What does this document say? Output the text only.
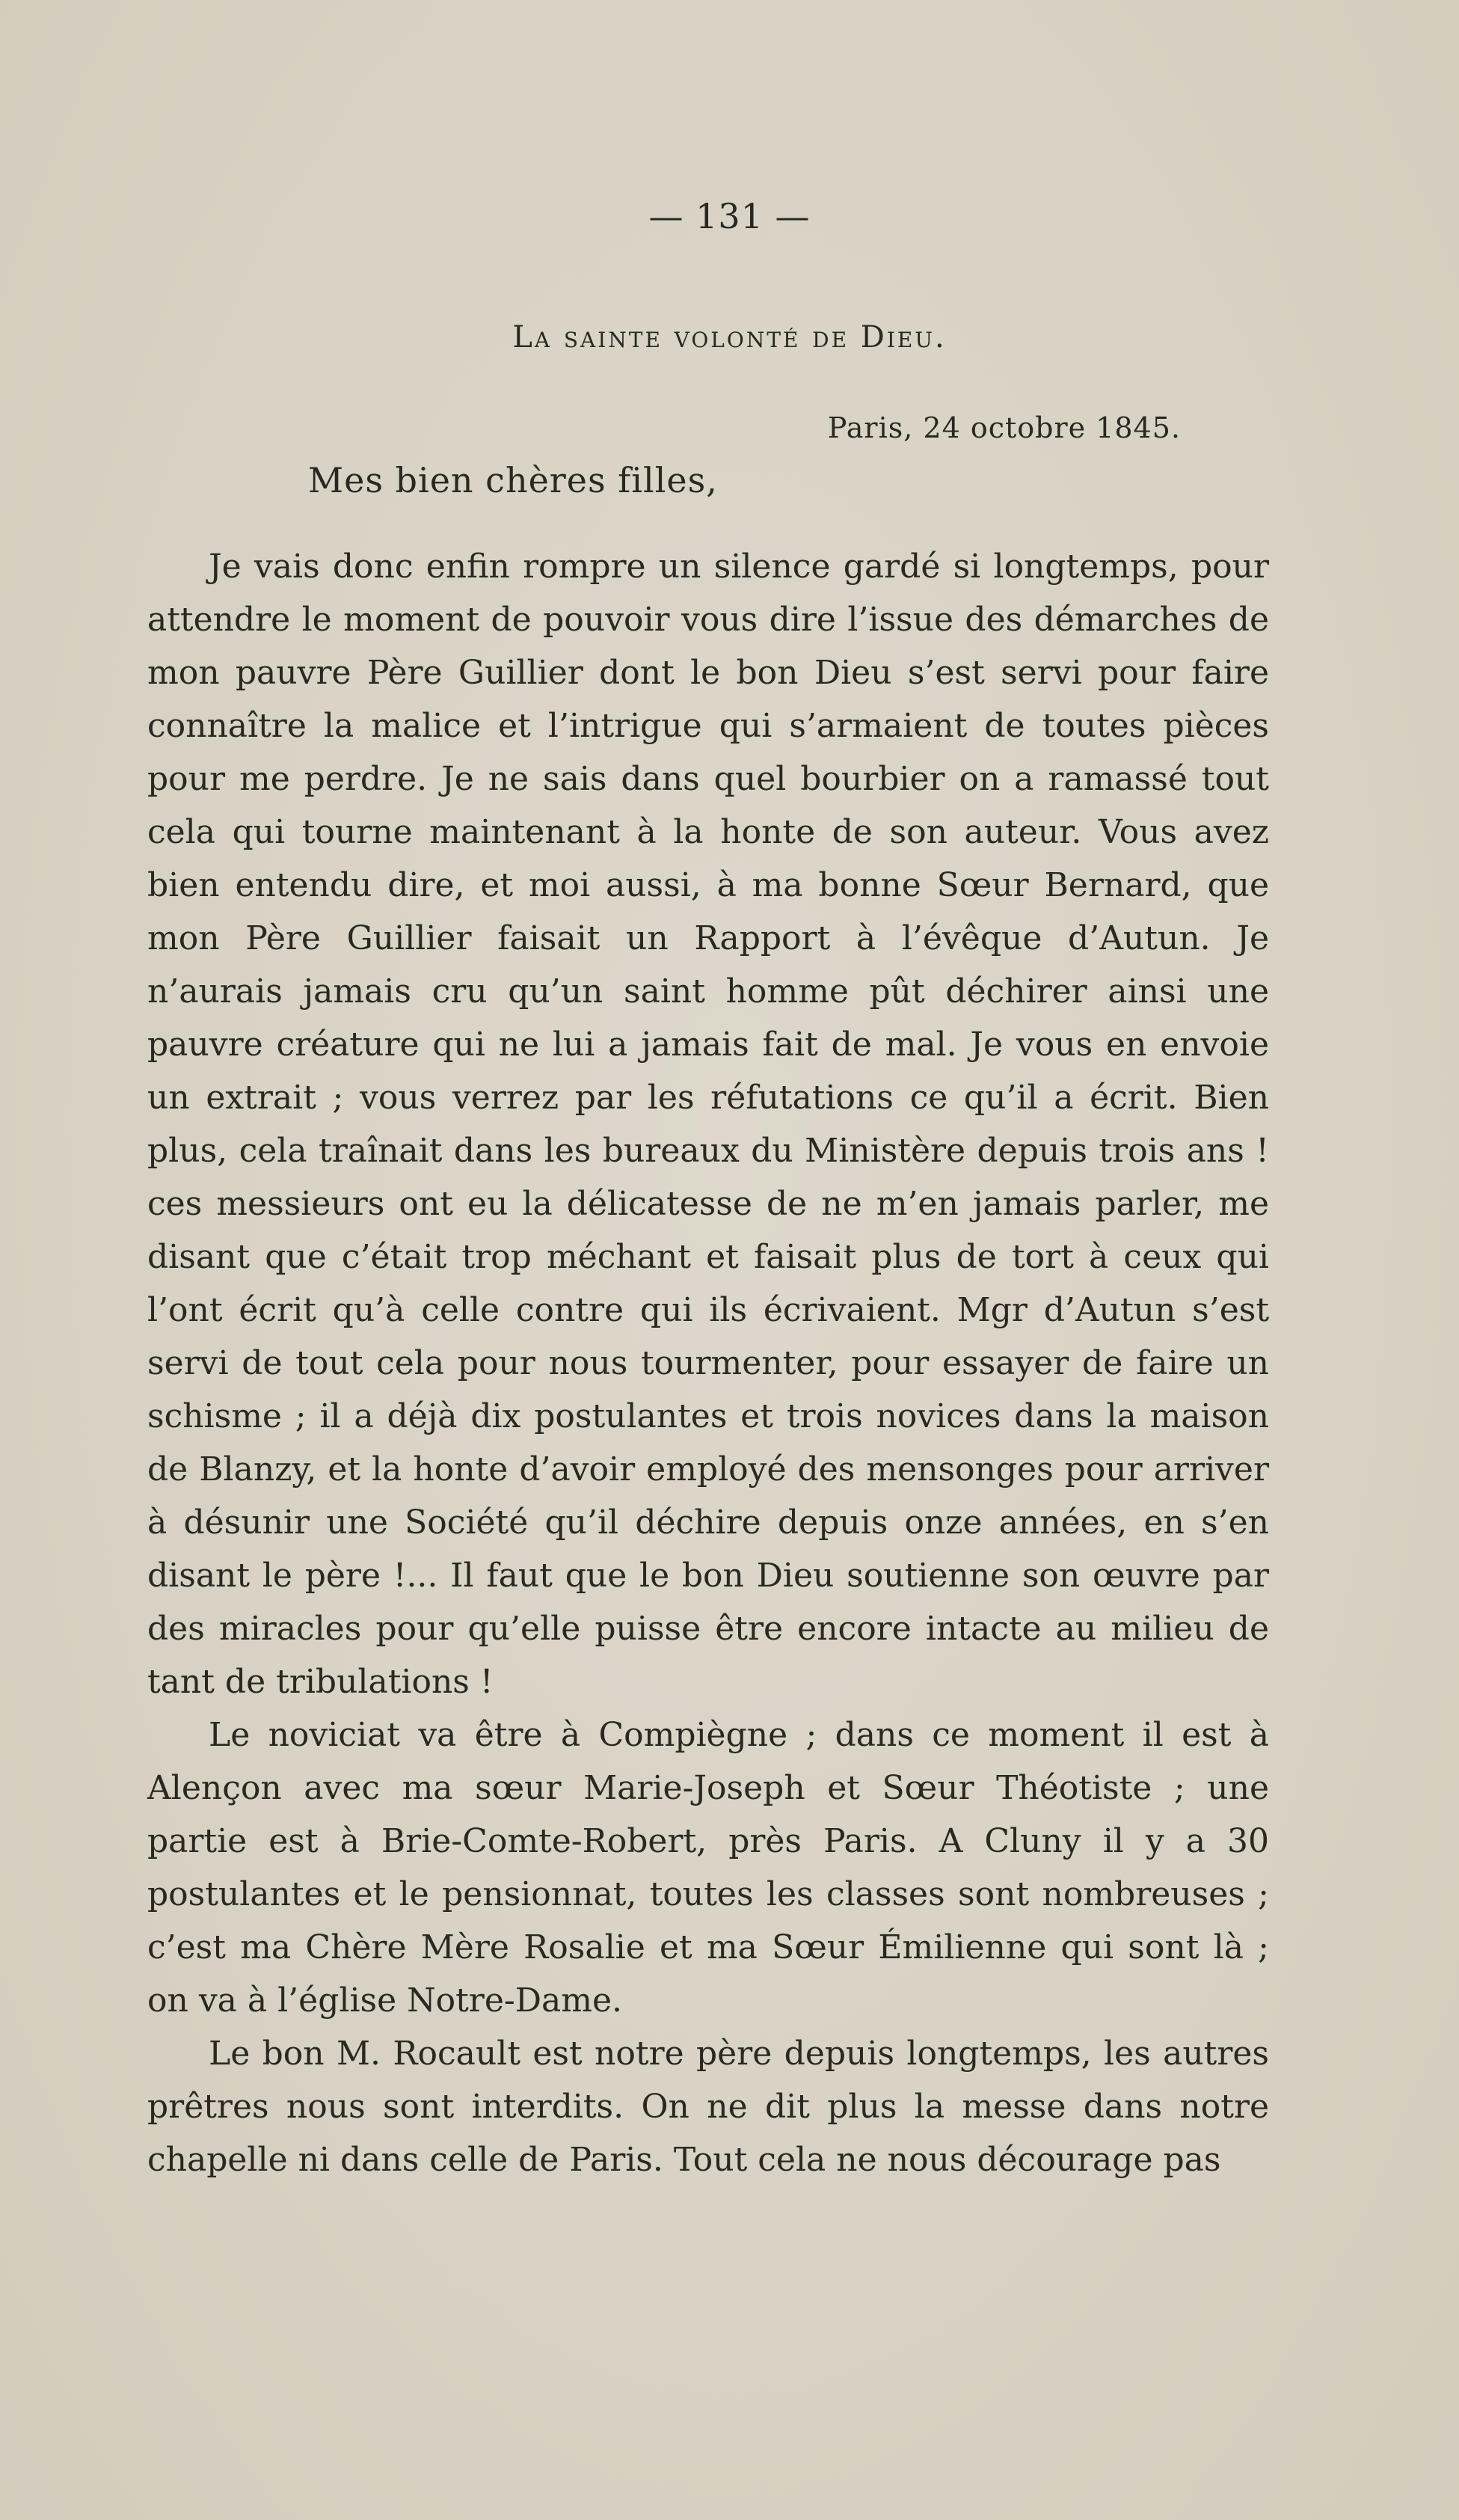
— 131 —
La sainte volonté de Dieu.
Paris, 24 octobre 1845.
Mes bien chères filles,

Je vais donc enfin rompre un silence gardé si longtemps, pour attendre le moment de pouvoir vous dire l’issue des démarches de mon pauvre Père Guillier dont le bon Dieu s’est servi pour faire connaître la malice et l’intrigue qui s’armaient de toutes pièces pour me perdre. Je ne sais dans quel bourbier on a ramassé tout cela qui tourne maintenant à la honte de son auteur. Vous avez bien entendu dire, et moi aussi, à ma bonne Sœur Bernard, que mon Père Guillier faisait un Rapport à l’évêque d’Autun. Je n’aurais jamais cru qu’un saint homme pût déchirer ainsi une pauvre créature qui ne lui a jamais fait de mal. Je vous en envoie un extrait ; vous verrez par les réfutations ce qu’il a écrit. Bien plus, cela traînait dans les bureaux du Ministère depuis trois ans ! ces messieurs ont eu la délicatesse de ne m’en jamais parler, me disant que c’était trop méchant et faisait plus de tort à ceux qui l’ont écrit qu’à celle contre qui ils écrivaient. Mgr d’Autun s’est servi de tout cela pour nous tourmenter, pour essayer de faire un schisme ; il a déjà dix postulantes et trois novices dans la maison de Blanzy, et la honte d’avoir employé des mensonges pour arriver à désunir une Société qu’il déchire depuis onze années, en s’en disant le père !... Il faut que le bon Dieu soutienne son œuvre par des miracles pour qu’elle puisse être encore intacte au milieu de tant de tribulations !

Le noviciat va être à Compiègne ; dans ce moment il est à Alençon avec ma sœur Marie-Joseph et Sœur Théotiste ; une partie est à Brie-Comte-Robert, près Paris. A Cluny il y a 30 postulantes et le pensionnat, toutes les classes sont nombreuses ; c’est ma Chère Mère Rosalie et ma Sœur Émilienne qui sont là ; on va à l’église Notre-Dame.

Le bon M. Rocault est notre père depuis longtemps, les autres prêtres nous sont interdits. On ne dit plus la messe dans notre chapelle ni dans celle de Paris. Tout cela ne nous décourage pas
